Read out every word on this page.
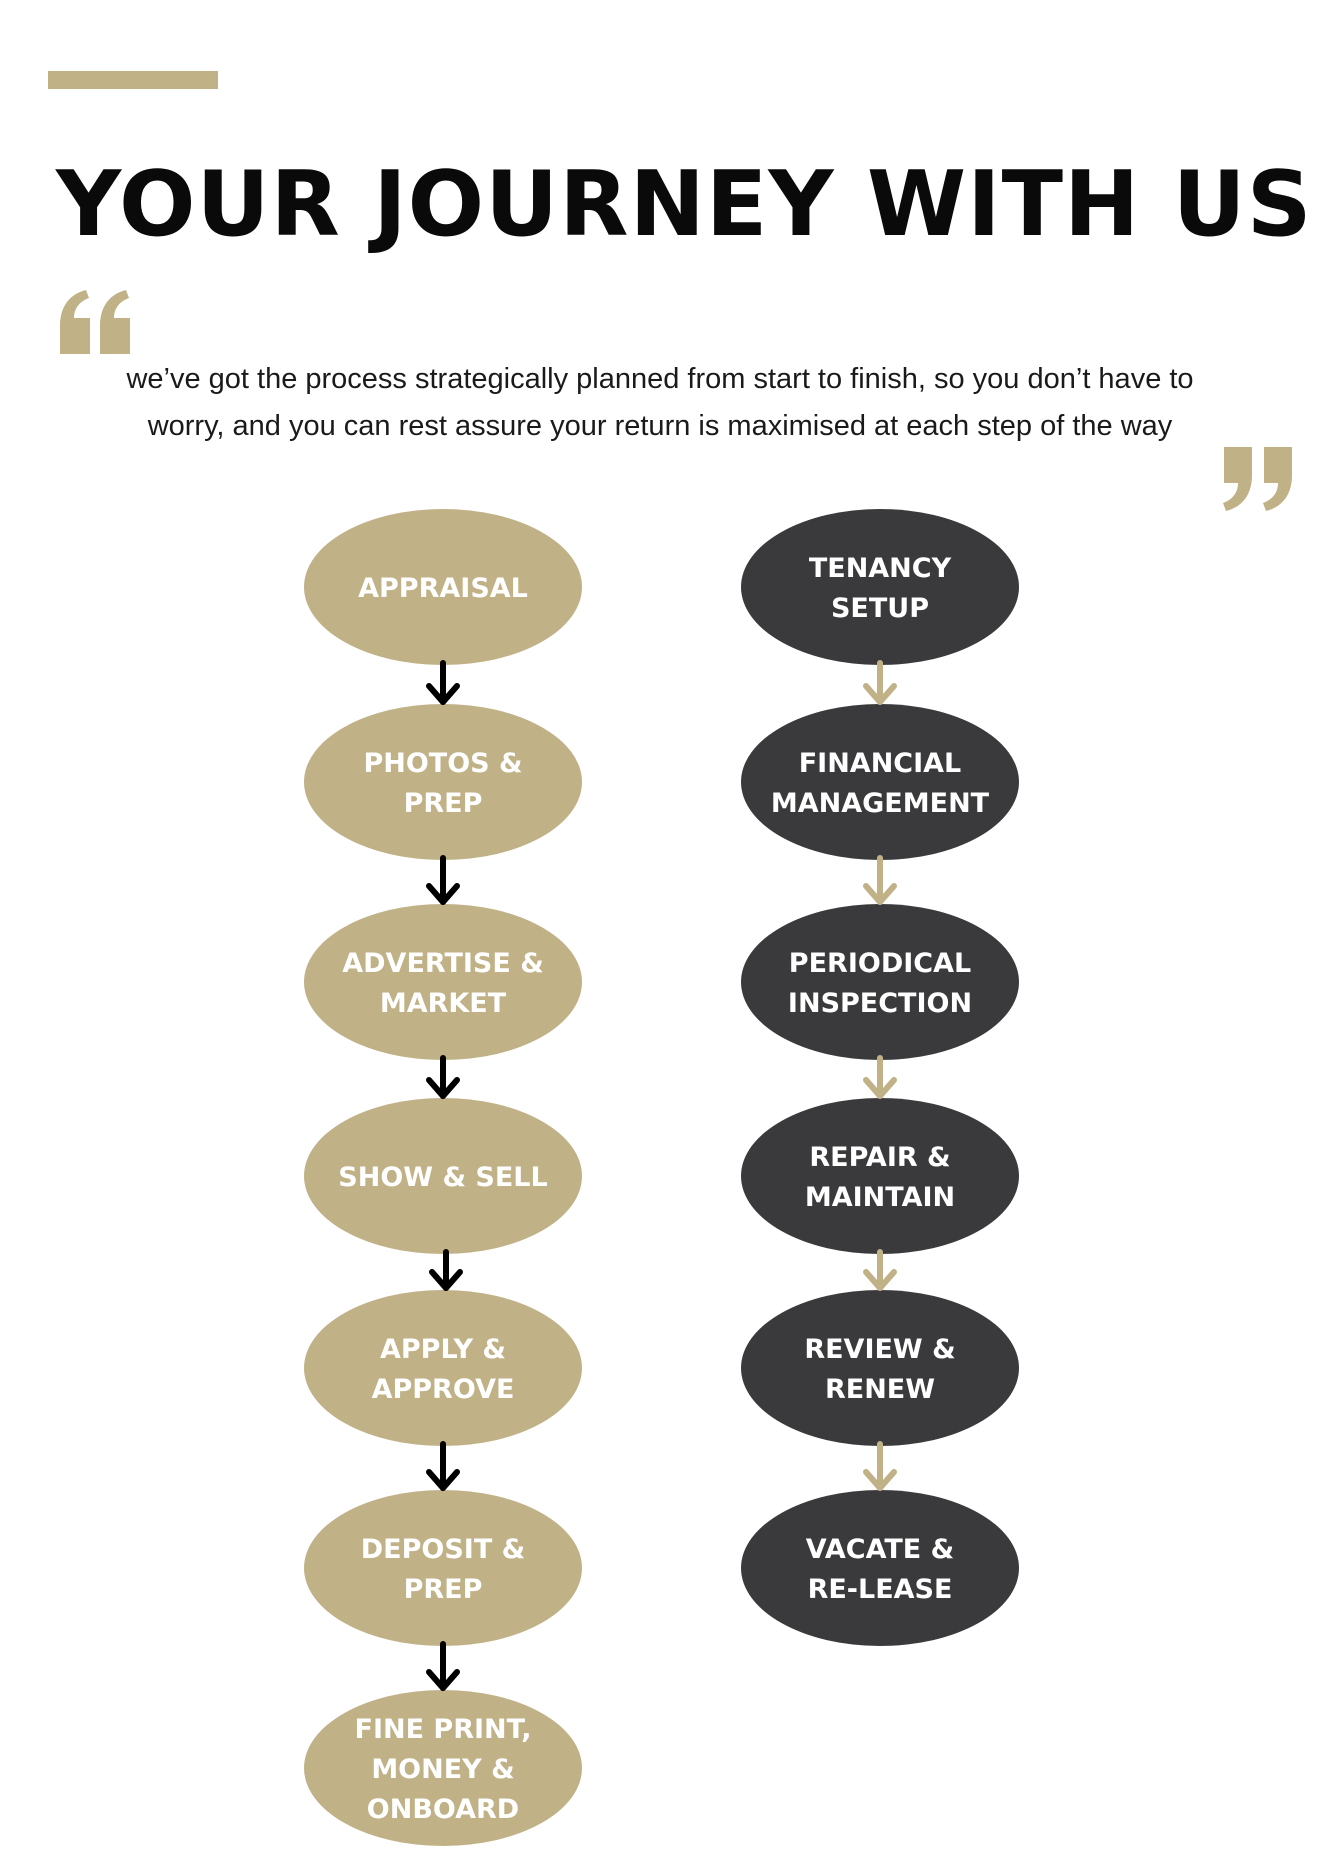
YOUR JOURNEY WITH US

we’ve got the process strategically planned from start to finish, so you don’t have to worry, and you can rest assure your return is maximised at each step of the way

APPRAISAL
PHOTOS &
PREP
ADVERTISE &
MARKET
SHOW & SELL
APPLY &
APPROVE
DEPOSIT &
PREP
FINE PRINT,
MONEY &
ONBOARD
TENANCY
SETUP
FINANCIAL
MANAGEMENT
PERIODICAL
INSPECTION
REPAIR &
MAINTAIN
REVIEW &
RENEW
VACATE &
RE-LEASE
